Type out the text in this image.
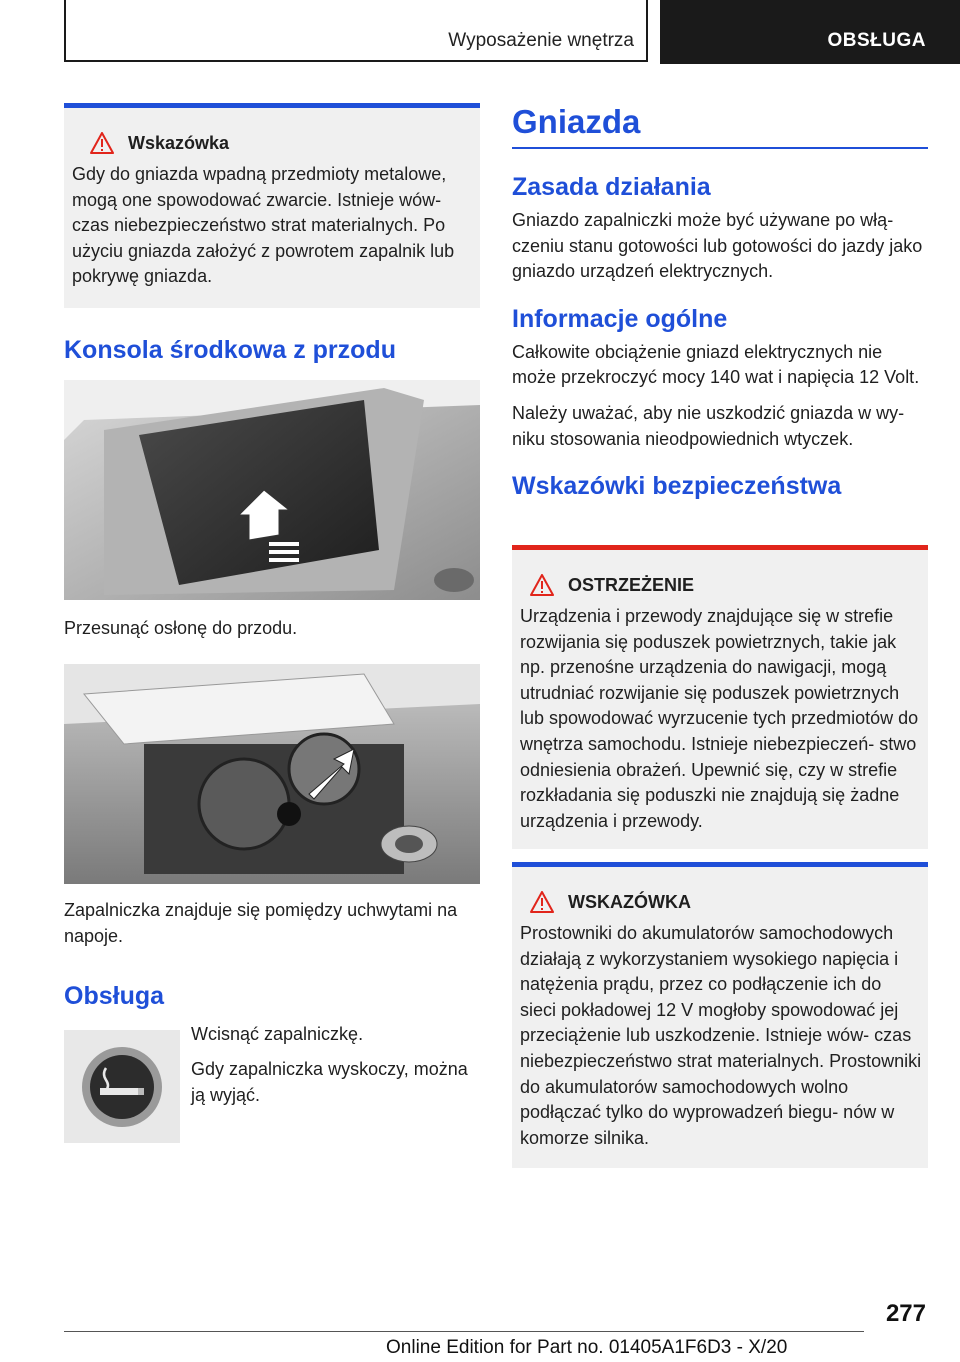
Wyposażenie wnętrza	OBSŁUGA
Wskazówka
Gdy do gniazda wpadną przedmioty metalowe, mogą one spowodować zwarcie. Istnieje wów- czas niebezpieczeństwo strat materialnych. Po użyciu gniazda założyć z powrotem zapalnik lub pokrywę gniazda.
Konsola środkowa z przodu

Przesunąć osłonę do przodu.

Zapalniczka znajduje się pomiędzy uchwytami na napoje.

Obsługa

Wcisnąć zapalniczkę.

Gdy zapalniczka wyskoczy, można ją wyjąć.

Gniazda
Zasada działania

Gniazdo zapalniczki może być używane po włą- czeniu stanu gotowości lub gotowości do jazdy jako gniazdo urządzeń elektrycznych.

Informacje ogólne

Całkowite obciążenie gniazd elektrycznych nie może przekroczyć mocy 140 wat i napięcia 12 Volt.

Należy uważać, aby nie uszkodzić gniazda w wy- niku stosowania nieodpowiednich wtyczek.

Wskazówki bezpieczeństwa
OSTRZEŻENIE
Urządzenia i przewody znajdujące się w strefie rozwijania się poduszek powietrznych, takie jak np. przenośne urządzenia do nawigacji, mogą utrudniać rozwijanie się poduszek powietrznych lub spowodować wyrzucenie tych przedmiotów do wnętrza samochodu. Istnieje niebezpieczeń- stwo odniesienia obrażeń. Upewnić się, czy w strefie rozkładania się poduszki nie znajdują się żadne urządzenia i przewody.
WSKAZÓWKA
Prostowniki do akumulatorów samochodowych działają z wykorzystaniem wysokiego napięcia i natężenia prądu, przez co podłączenie ich do sieci pokładowej 12 V mogłoby spowodować jej przeciążenie lub uszkodzenie. Istnieje wów- czas niebezpieczeństwo strat materialnych. Prostowniki do akumulatorów samochodowych wolno podłączać tylko do wyprowadzeń biegu- nów w komorze silnika.
277
Online Edition for Part no. 01405A1F6D3 - X/20
